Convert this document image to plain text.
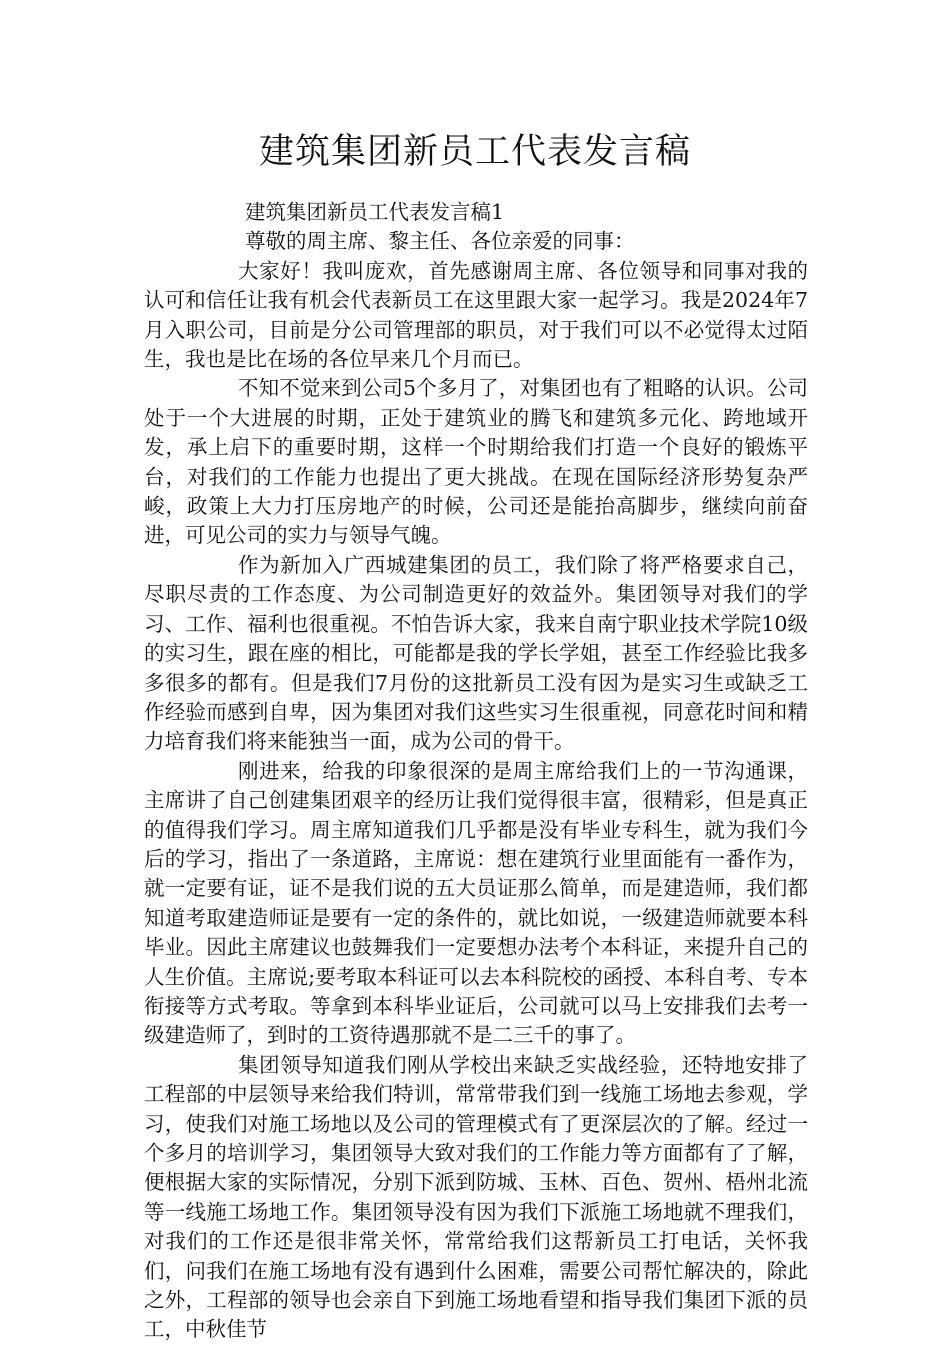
建筑集团新员工代表发言稿

建筑集团新员工代表发言稿1

尊敬的周主席、黎主任、各位亲爱的同事：

大家好！我叫庞欢，首先感谢周主席、各位领导和同事对我的认可和信任让我有机会代表新员工在这里跟大家一起学习。我是2024年7月入职公司，目前是分公司管理部的职员，对于我们可以不必觉得太过陌生，我也是比在场的各位早来几个月而已。

不知不觉来到公司5个多月了，对集团也有了粗略的认识。公司处于一个大进展的时期，正处于建筑业的腾飞和建筑多元化、跨地域开发，承上启下的重要时期，这样一个时期给我们打造一个良好的锻炼平台，对我们的工作能力也提出了更大挑战。在现在国际经济形势复杂严峻，政策上大力打压房地产的时候，公司还是能抬高脚步，继续向前奋进，可见公司的实力与领导气魄。

作为新加入广西城建集团的员工，我们除了将严格要求自己，尽职尽责的工作态度、为公司制造更好的效益外。集团领导对我们的学习、工作、福利也很重视。不怕告诉大家，我来自南宁职业技术学院10级的实习生，跟在座的相比，可能都是我的学长学姐，甚至工作经验比我多多很多的都有。但是我们7月份的这批新员工没有因为是实习生或缺乏工作经验而感到自卑，因为集团对我们这些实习生很重视，同意花时间和精力培育我们将来能独当一面，成为公司的骨干。

刚进来，给我的印象很深的是周主席给我们上的一节沟通课，主席讲了自己创建集团艰辛的经历让我们觉得很丰富，很精彩，但是真正的值得我们学习。周主席知道我们几乎都是没有毕业专科生，就为我们今后的学习，指出了一条道路，主席说：想在建筑行业里面能有一番作为，就一定要有证，证不是我们说的五大员证那么简单，而是建造师，我们都知道考取建造师证是要有一定的条件的，就比如说，一级建造师就要本科毕业。因此主席建议也鼓舞我们一定要想办法考个本科证，来提升自己的人生价值。主席说;要考取本科证可以去本科院校的函授、本科自考、专本衔接等方式考取。等拿到本科毕业证后，公司就可以马上安排我们去考一级建造师了，到时的工资待遇那就不是二三千的事了。

集团领导知道我们刚从学校出来缺乏实战经验，还特地安排了工程部的中层领导来给我们特训，常常带我们到一线施工场地去参观，学习，使我们对施工场地以及公司的管理模式有了更深层次的了解。经过一个多月的培训学习，集团领导大致对我们的工作能力等方面都有了了解，便根据大家的实际情况，分别下派到防城、玉林、百色、贺州、梧州北流等一线施工场地工作。集团领导没有因为我们下派施工场地就不理我们，对我们的工作还是很非常关怀，常常给我们这帮新员工打电话，关怀我们，问我们在施工场地有没有遇到什么困难，需要公司帮忙解决的，除此之外，工程部的领导也会亲自下到施工场地看望和指导我们集团下派的员工，中秋佳节
